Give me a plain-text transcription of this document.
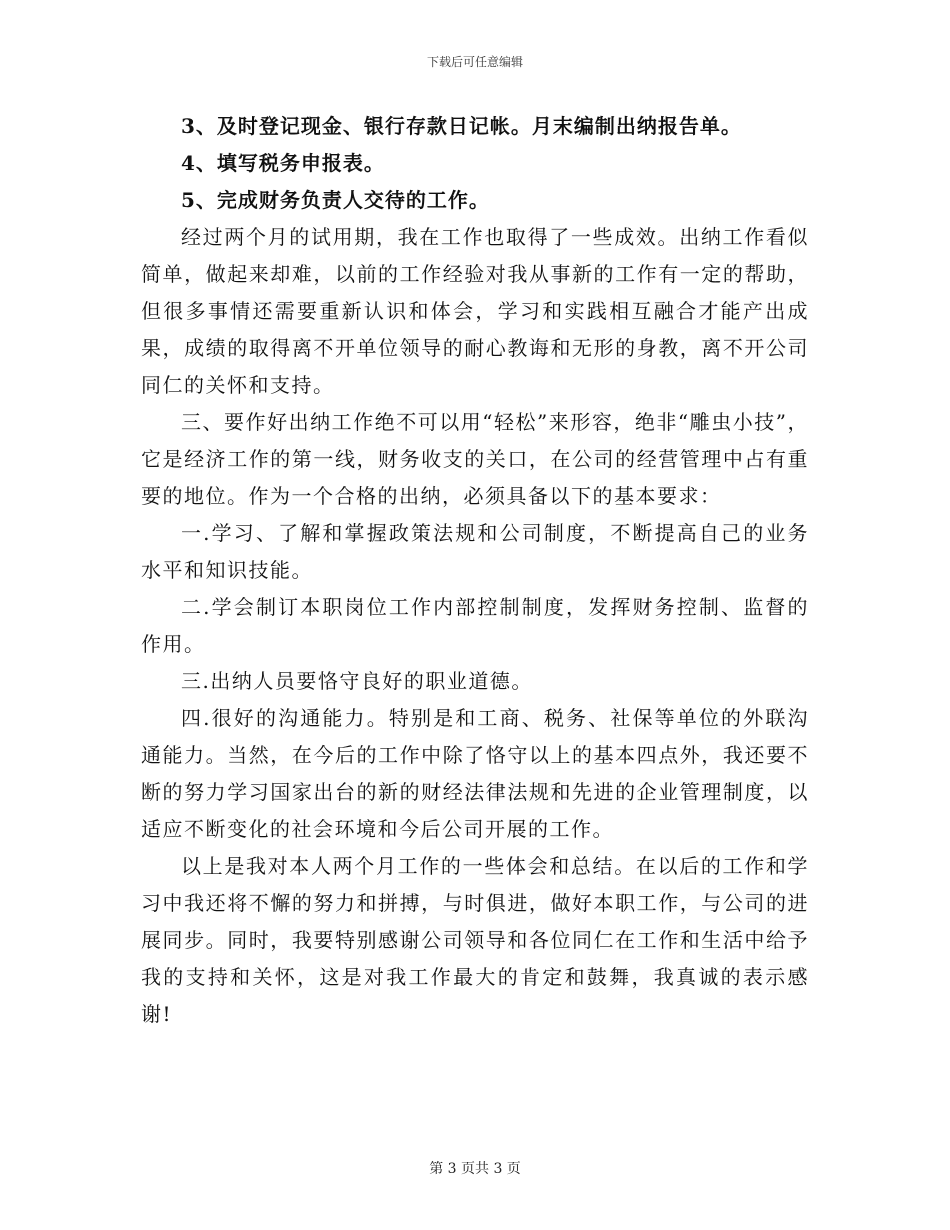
下载后可任意编辑

3、及时登记现金、银行存款日记帐。月末编制出纳报告单。

4、填写税务申报表。

5、完成财务负责人交待的工作。

经过两个月的试用期，我在工作也取得了一些成效。出纳工作看似简单，做起来却难，以前的工作经验对我从事新的工作有一定的帮助，但很多事情还需要重新认识和体会，学习和实践相互融合才能产出成果，成绩的取得离不开单位领导的耐心教诲和无形的身教，离不开公司同仁的关怀和支持。

三、要作好出纳工作绝不可以用“轻松”来形容，绝非“雕虫小技”，它是经济工作的第一线，财务收支的关口，在公司的经营管理中占有重要的地位。作为一个合格的出纳，必须具备以下的基本要求：

一.学习、了解和掌握政策法规和公司制度，不断提高自己的业务水平和知识技能。

二.学会制订本职岗位工作内部控制制度，发挥财务控制、监督的作用。

三.出纳人员要恪守良好的职业道德。

四.很好的沟通能力。特别是和工商、税务、社保等单位的外联沟通能力。当然，在今后的工作中除了恪守以上的基本四点外，我还要不断的努力学习国家出台的新的财经法律法规和先进的企业管理制度，以适应不断变化的社会环境和今后公司开展的工作。

以上是我对本人两个月工作的一些体会和总结。在以后的工作和学习中我还将不懈的努力和拼搏，与时俱进，做好本职工作，与公司的进展同步。同时，我要特别感谢公司领导和各位同仁在工作和生活中给予我的支持和关怀，这是对我工作最大的肯定和鼓舞，我真诚的表示感谢!

第 3 页共 3 页
